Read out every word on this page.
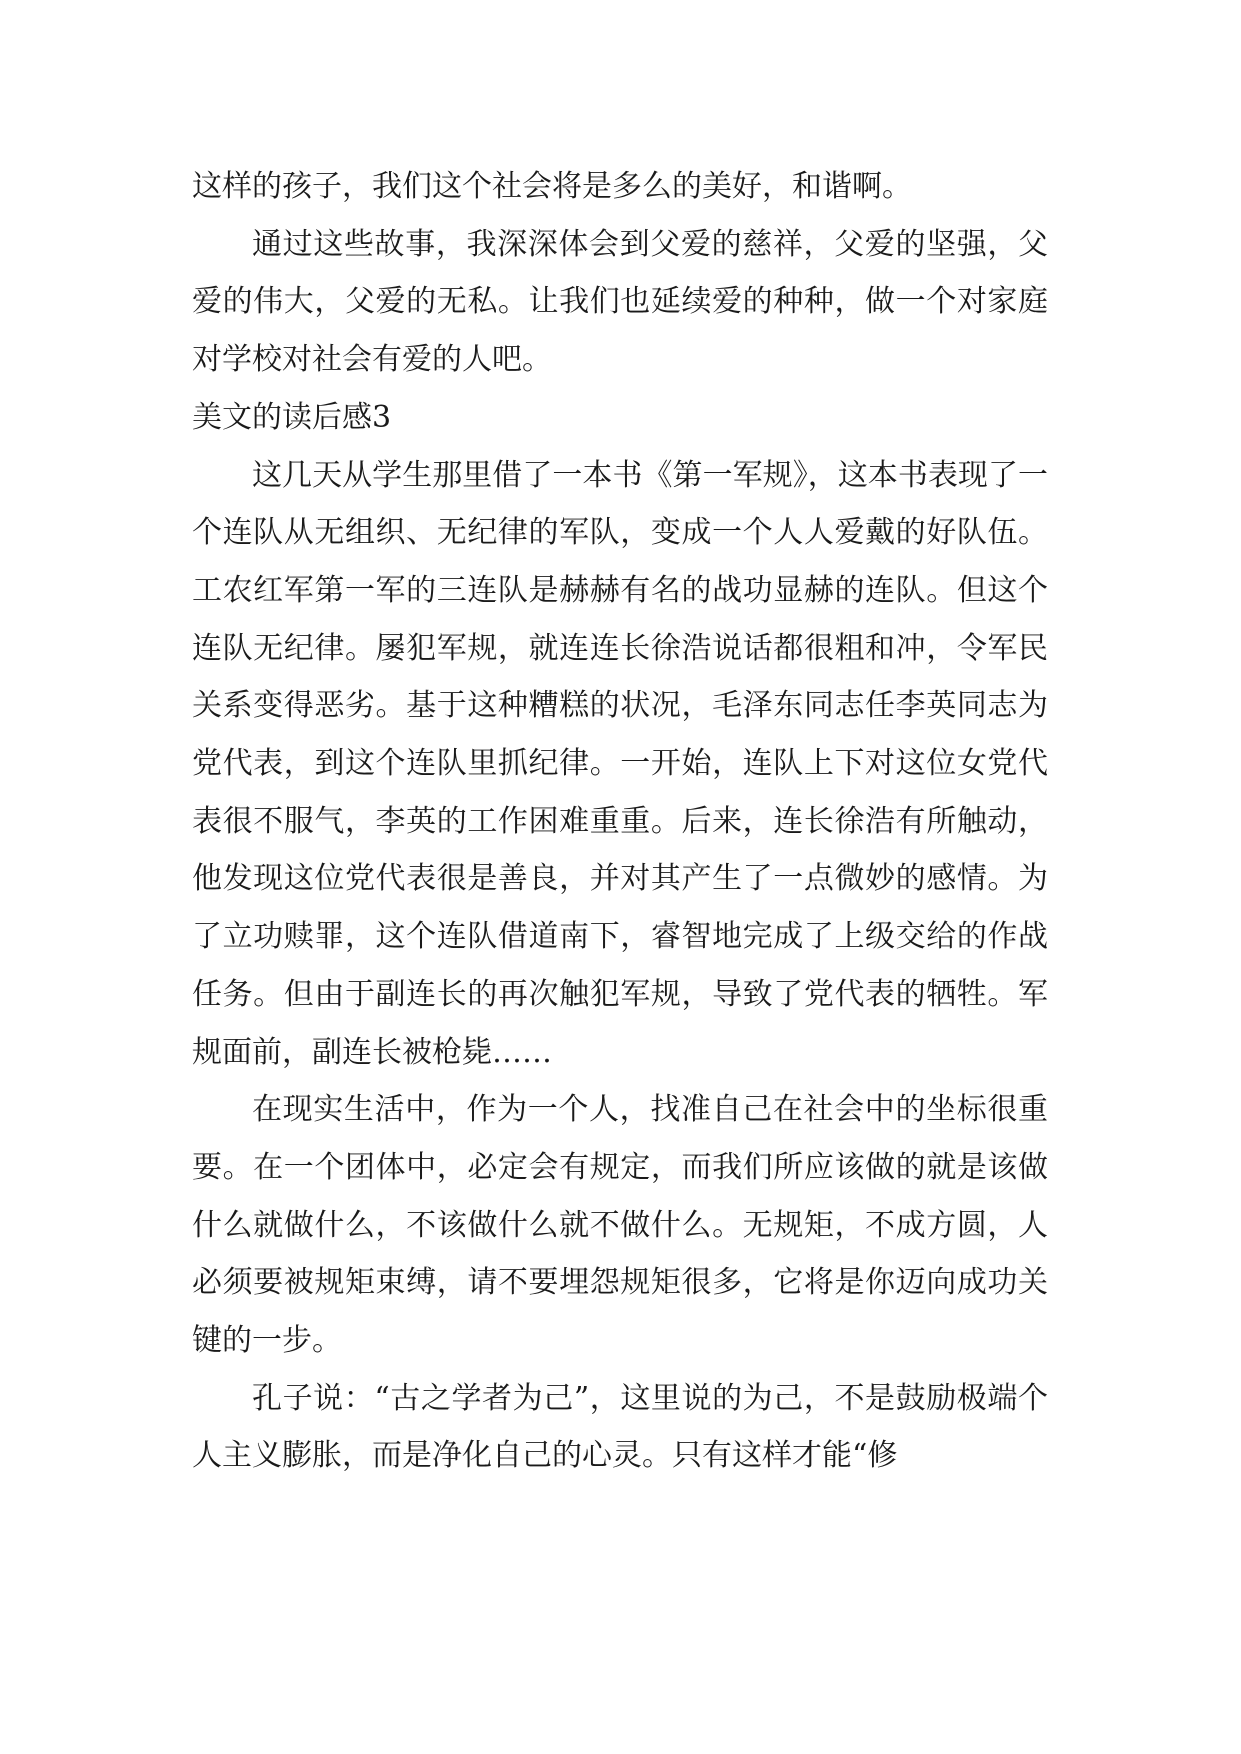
这样的孩子，我们这个社会将是多么的美好，和谐啊。

通过这些故事，我深深体会到父爱的慈祥，父爱的坚强，父爱的伟大，父爱的无私。让我们也延续爱的种种，做一个对家庭对学校对社会有爱的人吧。

美文的读后感3

这几天从学生那里借了一本书《第一军规》，这本书表现了一个连队从无组织、无纪律的军队，变成一个人人爱戴的好队伍。 工农红军第一军的三连队是赫赫有名的战功显赫的连队。但这个连队无纪律。屡犯军规，就连连长徐浩说话都很粗和冲，令军民关系变得恶劣。基于这种糟糕的状况，毛泽东同志任李英同志为党代表，到这个连队里抓纪律。一开始，连队上下对这位女党代表很不服气，李英的工作困难重重。后来，连长徐浩有所触动，他发现这位党代表很是善良，并对其产生了一点微妙的感情。为了立功赎罪，这个连队借道南下，睿智地完成了上级交给的作战任务。但由于副连长的再次触犯军规，导致了党代表的牺牲。军规面前，副连长被枪毙……

在现实生活中，作为一个人，找准自己在社会中的坐标很重要。在一个团体中，必定会有规定，而我们所应该做的就是该做什么就做什么，不该做什么就不做什么。无规矩，不成方圆，人必须要被规矩束缚，请不要埋怨规矩很多，它将是你迈向成功关键的一步。

孔子说：“古之学者为己”，这里说的为己，不是鼓励极端个人主义膨胀，而是净化自己的心灵。只有这样才能“修
